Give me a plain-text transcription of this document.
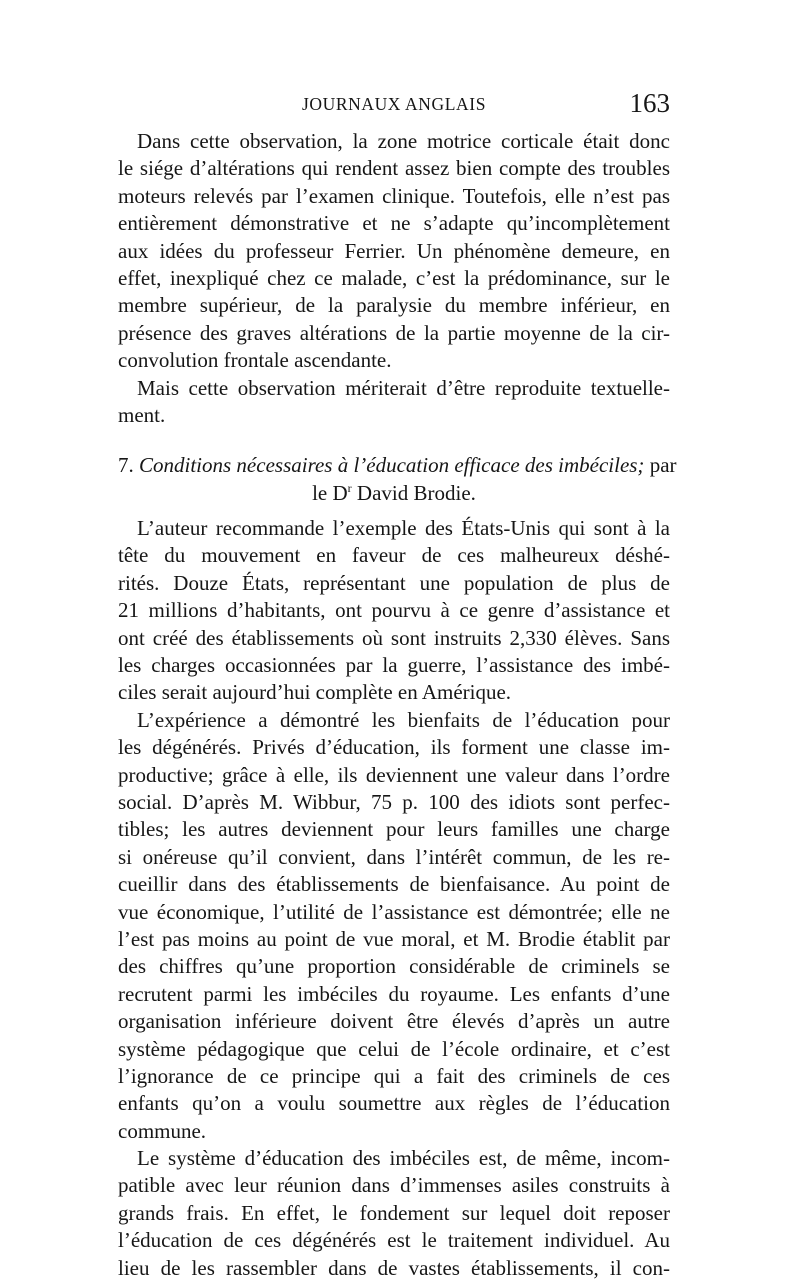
JOURNAUX ANGLAIS	163
Dans cette observation, la zone motrice corticale était donc
le siége d’altérations qui rendent assez bien compte des troubles
moteurs relevés par l’examen clinique. Toutefois, elle n’est pas
entièrement démonstrative et ne s’adapte qu’incomplètement
aux idées du professeur Ferrier. Un phénomène demeure, en
effet, inexpliqué chez ce malade, c’est la prédominance, sur le
membre supérieur, de la paralysie du membre inférieur, en
présence des graves altérations de la partie moyenne de la cir-
convolution frontale ascendante.
Mais cette observation mériterait d’être reproduite textuelle-
ment.
7. Conditions nécessaires à l’éducation efficace des imbéciles; par
le $D^r$ David Brodie.
L’auteur recommande l’exemple des États-Unis qui sont à la
tête du mouvement en faveur de ces malheureux déshé-
rités. Douze États, représentant une population de plus de
21 millions d’habitants, ont pourvu à ce genre d’assistance et
ont créé des établissements où sont instruits 2,330 élèves. Sans
les charges occasionnées par la guerre, l’assistance des imbé-
ciles serait aujourd’hui complète en Amérique.
L’expérience a démontré les bienfaits de l’éducation pour
les dégénérés. Privés d’éducation, ils forment une classe im-
productive; grâce à elle, ils deviennent une valeur dans l’ordre
social. D’après M. Wibbur, 75 p. 100 des idiots sont perfec-
tibles; les autres deviennent pour leurs familles une charge
si onéreuse qu’il convient, dans l’intérêt commun, de les re-
cueillir dans des établissements de bienfaisance. Au point de
vue économique, l’utilité de l’assistance est démontrée; elle ne
l’est pas moins au point de vue moral, et M. Brodie établit par
des chiffres qu’une proportion considérable de criminels se
recrutent parmi les imbéciles du royaume. Les enfants d’une
organisation inférieure doivent être élevés d’après un autre
système pédagogique que celui de l’école ordinaire, et c’est
l’ignorance de ce principe qui a fait des criminels de ces
enfants qu’on a voulu soumettre aux règles de l’éducation
commune.
Le système d’éducation des imbéciles est, de même, incom-
patible avec leur réunion dans d’immenses asiles construits à
grands frais. En effet, le fondement sur lequel doit reposer
l’éducation de ces dégénérés est le traitement individuel. Au
lieu de les rassembler dans de vastes établissements, il con-
